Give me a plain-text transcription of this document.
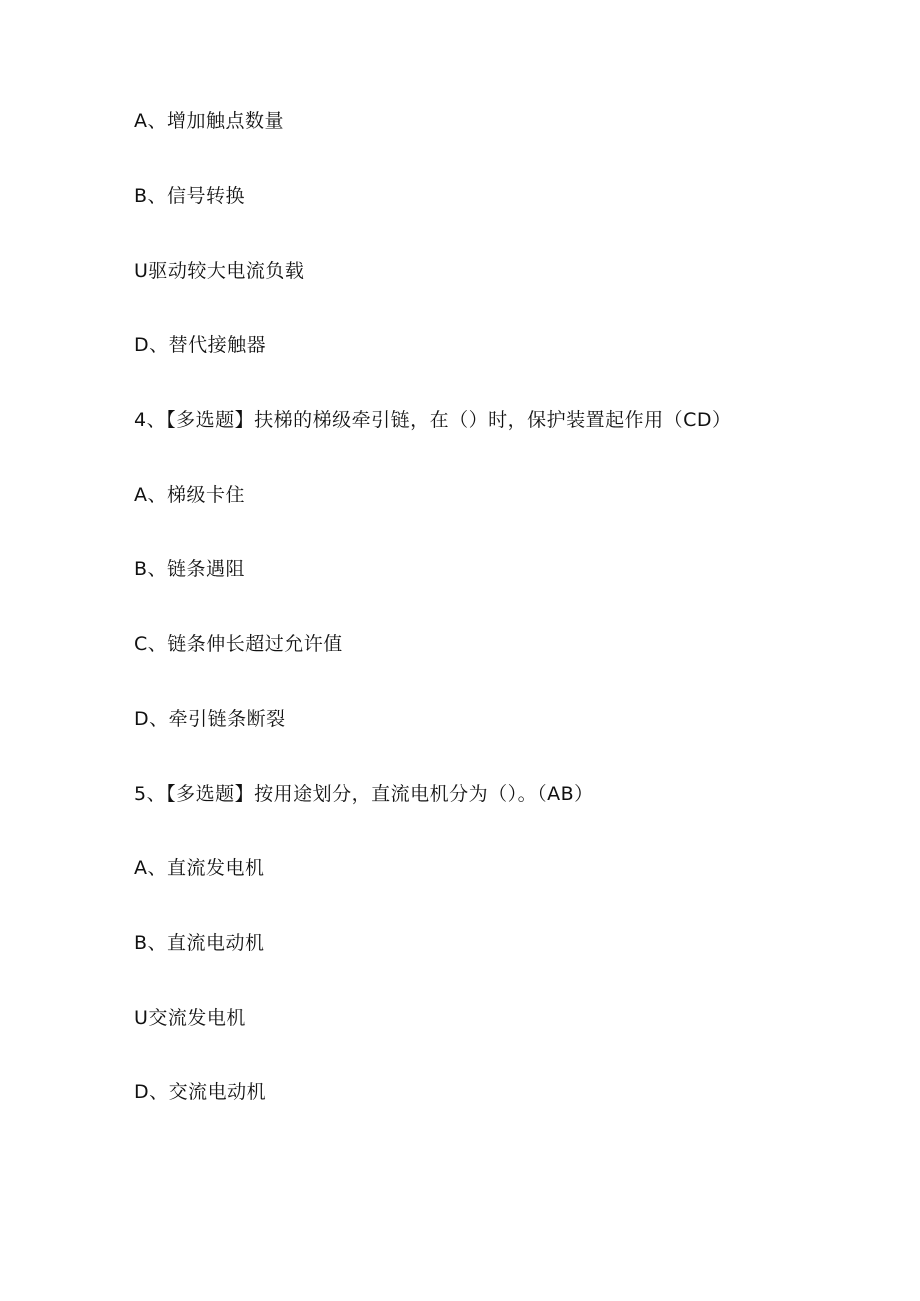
A、增加触点数量
B、信号转换
U驱动较大电流负载
D、替代接触器
4、【多选题】扶梯的梯级牵引链，在（）时，保护装置起作用（CD）
A、梯级卡住
B、链条遇阻
C、链条伸长超过允许值
D、牵引链条断裂
5、【多选题】按用途划分，直流电机分为（）。（AB）
A、直流发电机
B、直流电动机
U交流发电机
D、交流电动机
